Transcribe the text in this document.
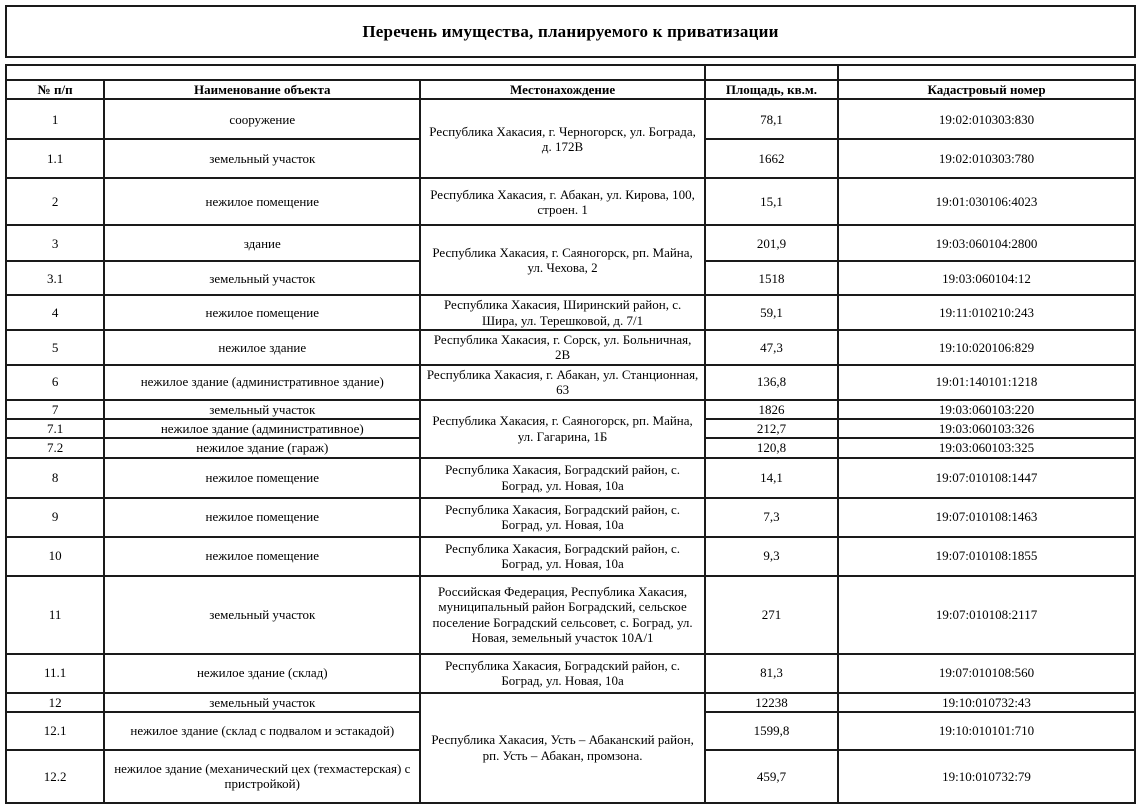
Перечень имущества, планируемого к приватизации

№ п/п	Наименование объекта	Местонахождение	Площадь, кв.м.	Кадастровый номер
1	сооружение	Республика Хакасия, г. Черногорск, ул. Бограда, д. 172В	78,1	19:02:010303:830
1.1	земельный участок		1662	19:02:010303:780
2	нежилое помещение	Республика Хакасия, г. Абакан, ул. Кирова, 100, строен. 1	15,1	19:01:030106:4023
3	здание	Республика Хакасия, г. Саяногорск, рп. Майна, ул. Чехова, 2	201,9	19:03:060104:2800
3.1	земельный участок		1518	19:03:060104:12
4	нежилое помещение	Республика Хакасия, Ширинский район, с. Шира, ул. Терешковой, д. 7/1	59,1	19:11:010210:243
5	нежилое здание	Республика Хакасия, г. Сорск, ул. Больничная, 2В	47,3	19:10:020106:829
6	нежилое здание (административное здание)	Республика Хакасия, г. Абакан, ул. Станционная, 63	136,8	19:01:140101:1218
7	земельный участок	Республика Хакасия, г. Саяногорск, рп. Майна, ул. Гагарина, 1Б	1826	19:03:060103:220
7.1	нежилое здание (административное)		212,7	19:03:060103:326
7.2	нежилое здание (гараж)		120,8	19:03:060103:325
8	нежилое помещение	Республика Хакасия, Боградский район, с. Боград, ул. Новая, 10а	14,1	19:07:010108:1447
9	нежилое помещение	Республика Хакасия, Боградский район, с. Боград, ул. Новая, 10а	7,3	19:07:010108:1463
10	нежилое помещение	Республика Хакасия, Боградский район, с. Боград, ул. Новая, 10а	9,3	19:07:010108:1855
11	земельный участок	Российская Федерация, Республика Хакасия, муниципальный район Боградский, сельское поселение Боградский сельсовет, с. Боград, ул. Новая, земельный участок 10А/1	271	19:07:010108:2117
11.1	нежилое здание (склад)	Республика Хакасия, Боградский район, с. Боград, ул. Новая, 10а	81,3	19:07:010108:560
12	земельный участок	Республика Хакасия, Усть – Абаканский район, рп. Усть – Абакан, промзона.	12238	19:10:010732:43
12.1	нежилое здание (склад с подвалом и эстакадой)		1599,8	19:10:010101:710
12.2	нежилое здание (механический цех (техмастерская) с пристройкой)		459,7	19:10:010732:79
